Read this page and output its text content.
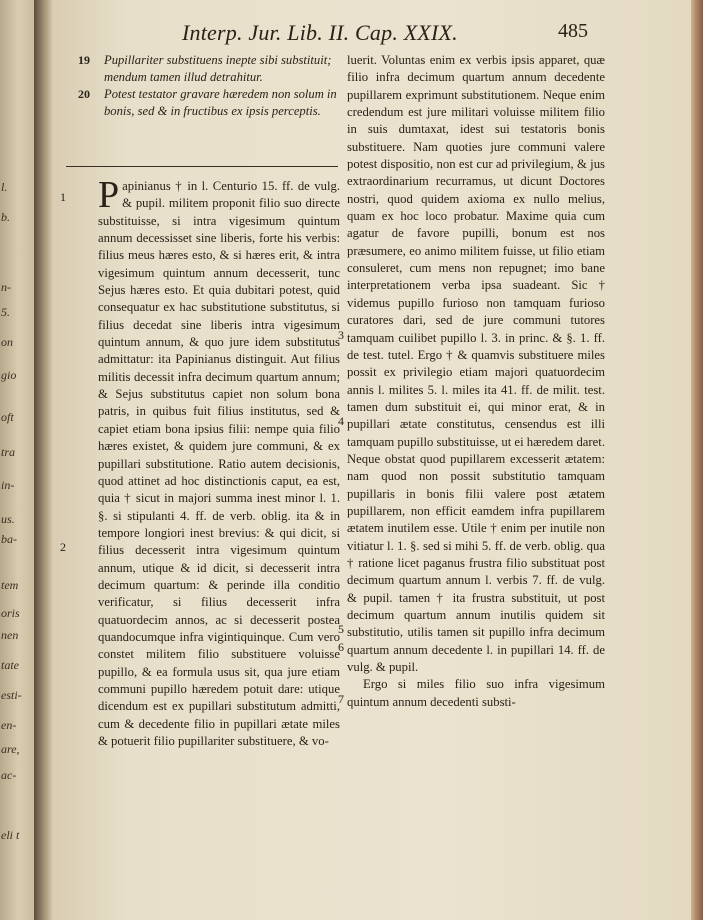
l.
b.
n-
5.
on
gio
oft
tra
in-
us.
ba-
tem
oris
nen
tate
esti-
en-
are,
ac-
eli t
Interp. Jur. Lib. II. Cap. XXIX.	485
19 Pupillariter substituens inepte sibi substituit; mendum tamen illud detrahitur.
20 Potest testator gravare hæredem non solum in bonis, sed & in fructibus ex ipsis perceptis.
1
2
P apinianus † in l. Centurio 15. ff. de vulg. & pupil. militem proponit filio suo directe substituisse, si intra vigesimum quintum annum decessisset sine liberis, forte his verbis: filius meus hæres esto, & si hæres erit, & intra vigesimum quintum annum decesserit, tunc Sejus hæres esto. Et quia dubitari potest, quid consequatur ex hac substitutione substitutus, si filius decedat sine liberis intra vigesimum quintum annum, & quo jure idem substitutus admittatur: ita Papinianus distinguit. Aut filius militis decessit infra decimum quartum annum; & Sejus substitutus capiet non solum bona patris, in quibus fuit filius institutus, sed & capiet etiam bona ipsius filii: nempe quia filio hæres existet, & quidem jure communi, & ex pupillari substitutione. Ratio autem decisionis, quod attinet ad hoc distinctionis caput, ea est, quia † sicut in majori summa inest minor l. 1. §. si stipulanti 4. ff. de verb. oblig. ita & in tempore longiori inest brevius: & qui dicit, si filius decesserit intra vigesimum quintum annum, utique & id dicit, si decesserit intra decimum quartum: & perinde illa conditio verificatur, si filius decesserit infra quatuordecim annos, ac si decesserit postea quandocumque infra vigintiquinque. Cum vero constet militem filio substituere voluisse pupillo, & ea formula usus sit, qua jure etiam communi pupillo hæredem potuit dare: utique dicendum est ex pupillari substitutum admitti, cum & decedente filio in pupillari ætate miles & potuerit filio pupillariter substituere, & vo-

3
4
5
6
7

luerit. Voluntas enim ex verbis ipsis apparet, quæ filio infra decimum quartum annum decedente pupillarem exprimunt substitutionem. Neque enim credendum est jure militari voluisse militem filio in suis dumtaxat, idest sui testatoris bonis substituere. Nam quoties jure communi valere potest dispositio, non est cur ad privilegium, & jus extraordinarium recurramus, ut dicunt Doctores nostri, quod quidem axioma ex nullo melius, quam ex hoc loco probatur. Maxime quia cum agatur de favore pupilli, bonum est nos præsumere, eo animo militem fuisse, ut filio etiam consuleret, cum mens non repugnet; imo bane interpretationem verba ipsa suadeant. Sic † videmus pupillo furioso non tamquam furioso curatores dari, sed de jure communi tutores tamquam cuilibet pupillo l. 3. in princ. & §. 1. ff. de test. tutel. Ergo † & quamvis substituere miles possit ex privilegio etiam majori quatuordecim annis l. milites 5. l. miles ita 41. ff. de milit. test. tamen dum substituit ei, qui minor erat, & in pupillari ætate constitutus, censendus est illi tamquam pupillo substituisse, ut ei hæredem daret. Neque obstat quod pupillarem excesserit ætatem: nam quod non possit substitutio tamquam pupillaris in bonis filii valere post ætatem pupillarem, non efficit eamdem infra pupillarem ætatem inutilem esse. Utile † enim per inutile non vitiatur l. 1. §. sed si mihi 5. ff. de verb. oblig. qua † ratione licet paganus frustra filio substituat post decimum quartum annum l. verbis 7. ff. de vulg. & pupil. tamen † ita frustra substituit, ut post decimum quartum annum inutilis quidem sit substitutio, utilis tamen sit pupillo infra decimum quartum annum decedente l. in pupillari 14. ff. de vulg. & pupil.

Ergo si miles filio suo infra vigesimum quintum annum decedenti substi-
